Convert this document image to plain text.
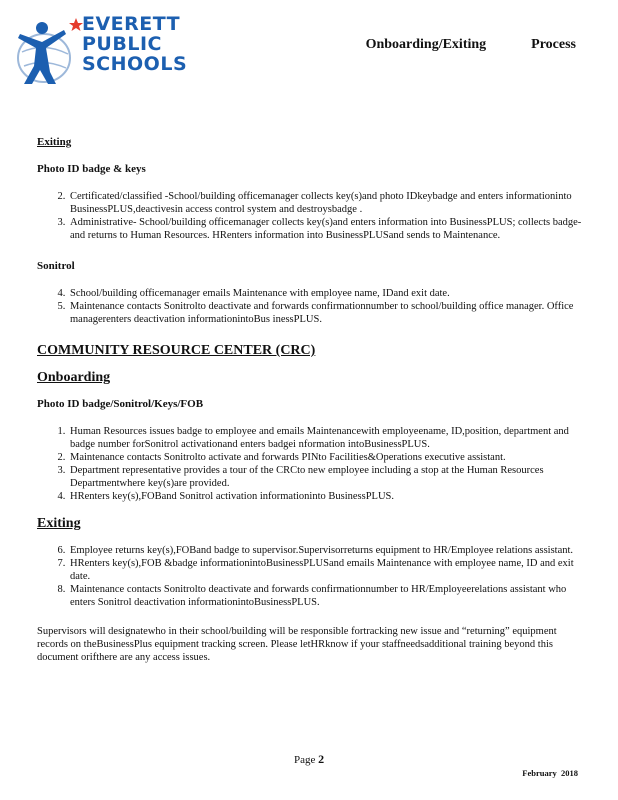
EVERETT
PUBLIC
SCHOOLS
Onboarding/Exiting      Process

Exiting

Photo ID badge & keys

2. Certificated/classified -School/building officemanager collects key(s)and photo IDkeybadge and enters informationinto BusinessPLUS,deactivesin access control system and destroysbadge .
3. Administrative- School/building officemanager collects key(s)and enters information into BusinessPLUS; collects badge- and returns to Human Resources. HRenters information into BusinessPLUSand sends to Maintenance.

Sonitrol

4. School/building officemanager emails Maintenance with employee name, IDand exit date.
5. Maintenance contacts Sonitrolto deactivate and forwards confirmationnumber to school/building office manager. Office managerenters deactivation informationintoBus inessPLUS.

COMMUNITY RESOURCE CENTER (CRC)

Onboarding

Photo ID badge/Sonitrol/Keys/FOB

1. Human Resources issues badge to employee and emails Maintenancewith employeename, ID,position, department and badge number forSonitrol activationand enters badgei nformation intoBusinessPLUS.
2. Maintenance contacts Sonitrolto activate and forwards PINto Facilities&Operations executive assistant.
3. Department representative provides a tour of the CRCto new employee including a stop at the Human Resources Departmentwhere key(s)are provided.
4. HRenters key(s),FOBand Sonitrol activation informationinto BusinessPLUS.

Exiting

6. Employee returns key(s),FOBand badge to supervisor.Supervisorreturns equipment to HR/Employee relations assistant.
7. HRenters key(s),FOB &badge informationintoBusinessPLUSand emails Maintenance with employee name, ID and exit date.
8. Maintenance contacts Sonitrolto deactivate and forwards confirmationnumber to HR/Employeerelations assistant who enters Sonitrol deactivation informationintoBusinessPLUS.

Supervisors will designatewho in their school/building will be responsible fortracking new issue and “returning” equipment records on theBusinessPlus equipment tracking screen. Please letHRknow if your staffneedsadditional training beyond this document orifthere are any access issues.

Page 2
February  2018
